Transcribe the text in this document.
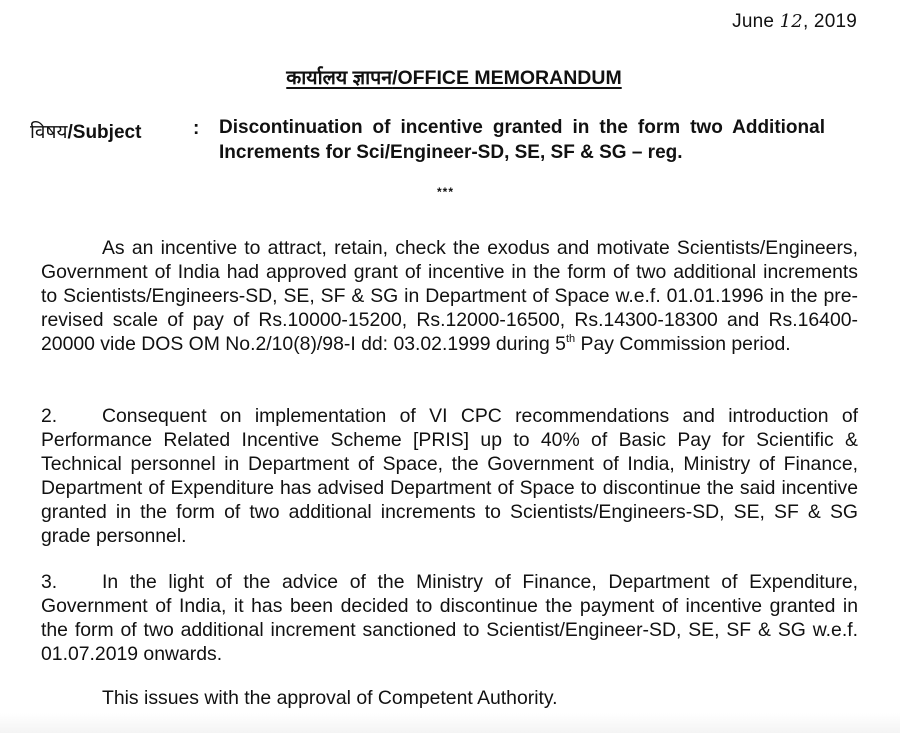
June 12, 2019
कार्यालय ज्ञापन/OFFICE MEMORANDUM
विषय/Subject	: Discontinuation of incentive granted in the form two Additional Increments for Sci/Engineer-SD, SE, SF & SG – reg.
***
As an incentive to attract, retain, check the exodus and motivate Scientists/Engineers, Government of India had approved grant of incentive in the form of two additional increments to Scientists/Engineers-SD, SE, SF & SG in Department of Space w.e.f. 01.01.1996 in the pre-revised scale of pay of Rs.10000-15200, Rs.12000-16500, Rs.14300-18300 and Rs.16400-20000 vide DOS OM No.2/10(8)/98-I dd: 03.02.1999 during 5th Pay Commission period.
2. Consequent on implementation of VI CPC recommendations and introduction of Performance Related Incentive Scheme [PRIS] up to 40% of Basic Pay for Scientific & Technical personnel in Department of Space, the Government of India, Ministry of Finance, Department of Expenditure has advised Department of Space to discontinue the said incentive granted in the form of two additional increments to Scientists/Engineers-SD, SE, SF & SG grade personnel.
3. In the light of the advice of the Ministry of Finance, Department of Expenditure, Government of India, it has been decided to discontinue the payment of incentive granted in the form of two additional increment sanctioned to Scientist/Engineer-SD, SE, SF & SG w.e.f. 01.07.2019 onwards.
This issues with the approval of Competent Authority.
